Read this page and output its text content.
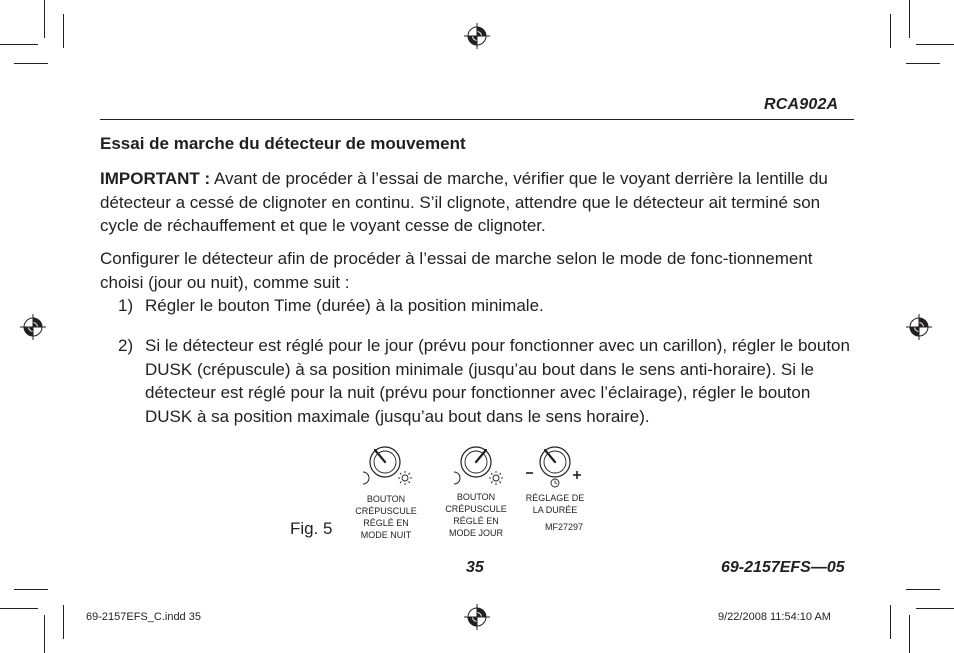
RCA902A
Essai de marche du détecteur de mouvement
IMPORTANT : Avant de procéder à l’essai de marche, vérifier que le voyant derrière la lentille du détecteur a cessé de clignoter en continu. S’il clignote, attendre que le détecteur ait terminé son cycle de réchauffement et que le voyant cesse de clignoter.
Configurer le détecteur afin de procéder à l’essai de marche selon le mode de fonc-tionnement choisi (jour ou nuit), comme suit :
1) Régler le bouton Time (durée) à la position minimale.
2) Si le détecteur est réglé pour le jour (prévu pour fonctionner avec un carillon), régler le bouton DUSK (crépuscule) à sa position minimale (jusqu’au bout dans le sens anti-horaire). Si le détecteur est réglé pour la nuit (prévu pour fonctionner avec l’éclairage), régler le bouton DUSK à sa position maximale (jusqu’au bout dans le sens horaire).
Fig. 5
BOUTON
CRÉPUSCULE
RÉGLÉ EN
MODE NUIT
BOUTON
CRÉPUSCULE
RÉGLÉ EN
MODE JOUR
RÉGLAGE DE
LA DURÉE
MF27297
35	69-2157EFS—05
69-2157EFS_C.indd 35	9/22/2008 11:54:10 AM
